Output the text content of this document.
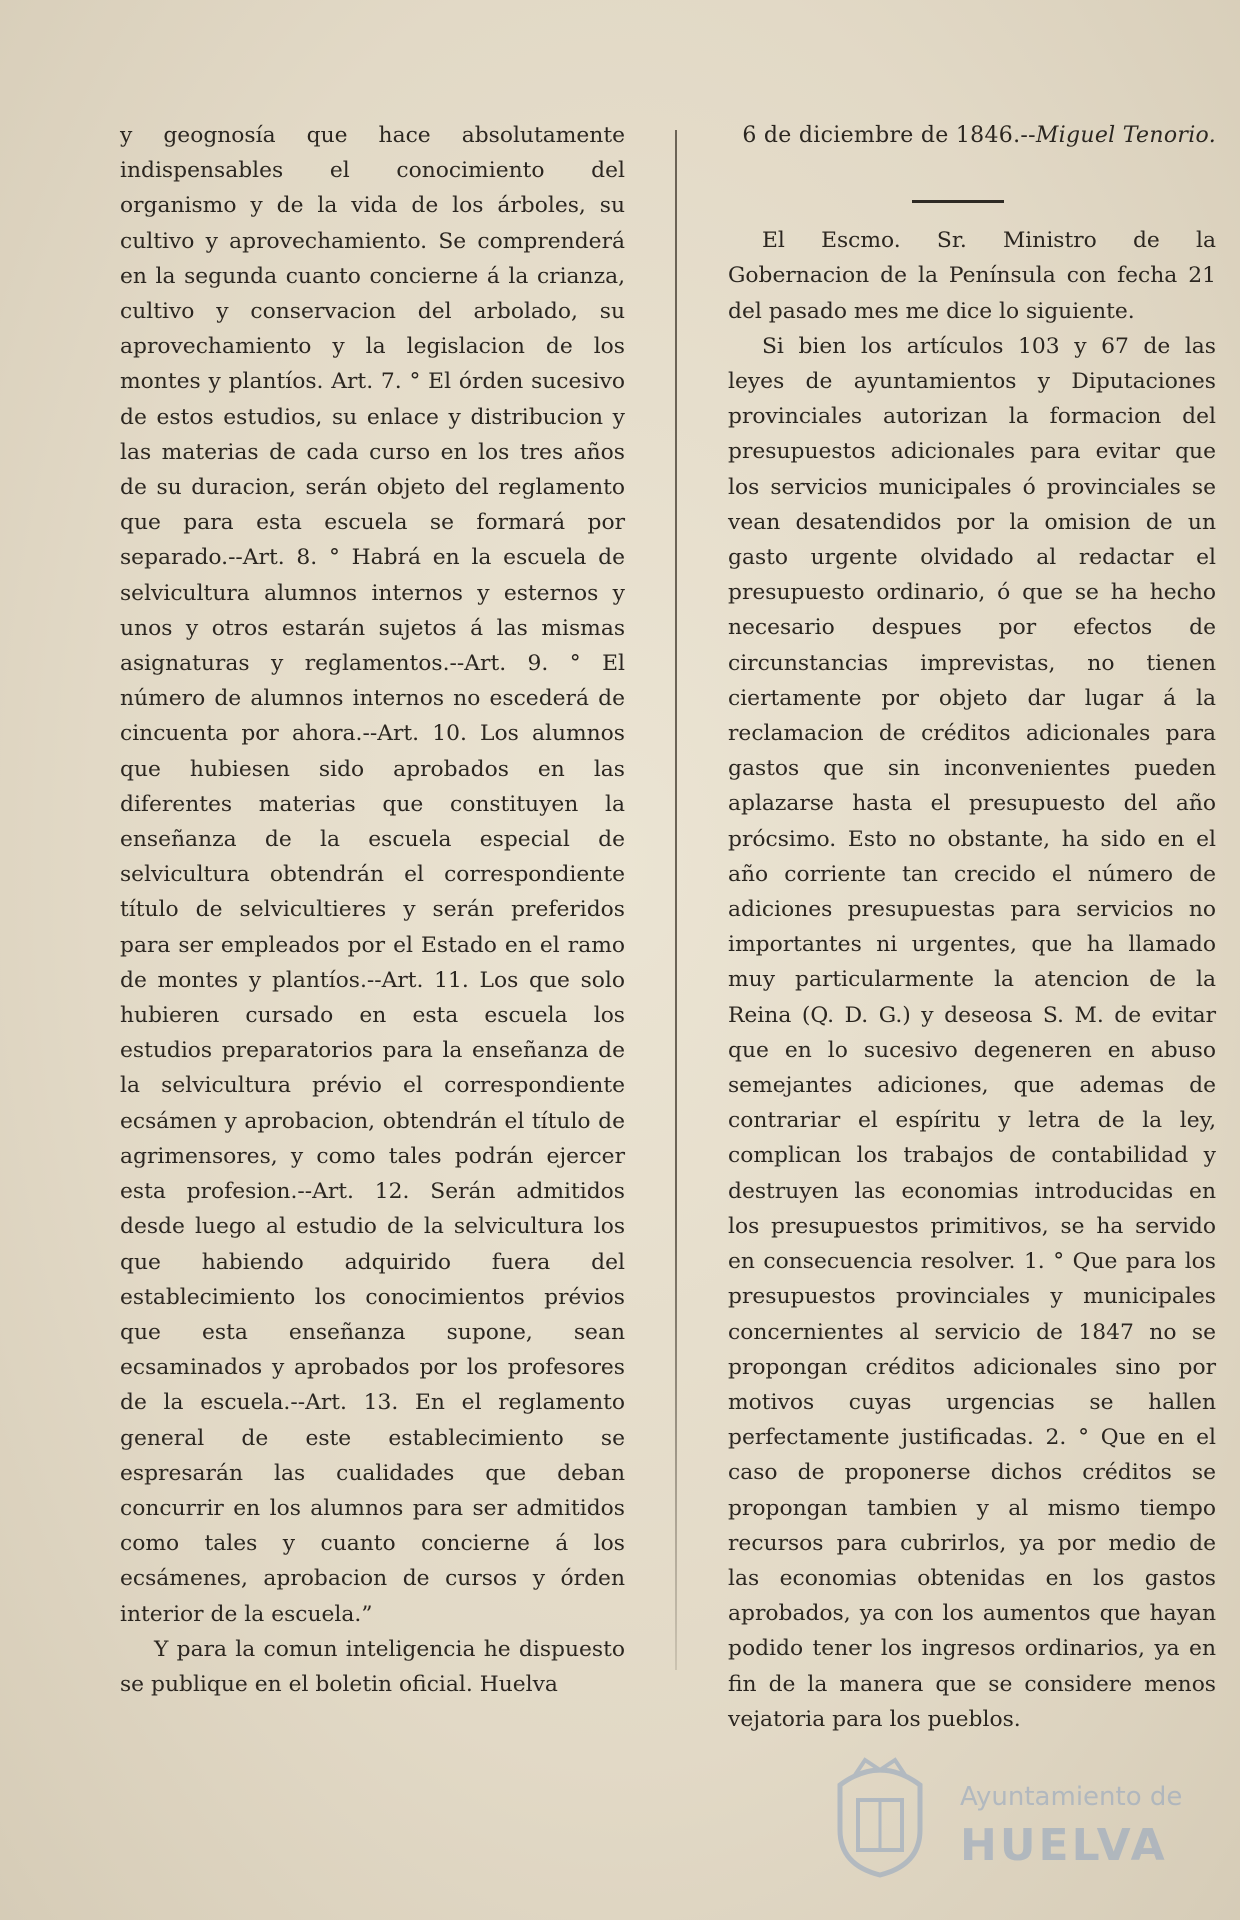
y geognosía que hace absolutamente indispensables el conocimiento del organismo y de la vida de los árboles, su cultivo y aprovechamiento. Se comprenderá en la segunda cuanto concierne á la crianza, cultivo y conservacion del arbolado, su aprovechamiento y la legislacion de los montes y plantíos. Art. 7. ° El órden sucesivo de estos estudios, su enlace y distribucion y las materias de cada curso en los tres años de su duracion, serán objeto del reglamento que para esta escuela se formará por separado.--Art. 8. ° Habrá en la escuela de selvicultura alumnos internos y esternos y unos y otros estarán sujetos á las mismas asignaturas y reglamentos.--Art. 9. ° El número de alumnos internos no escederá de cincuenta por ahora.--Art. 10. Los alumnos que hubiesen sido aprobados en las diferentes materias que constituyen la enseñanza de la escuela especial de selvicultura obtendrán el correspondiente título de selvicultieres y serán preferidos para ser empleados por el Estado en el ramo de montes y plantíos.--Art. 11. Los que solo hubieren cursado en esta escuela los estudios preparatorios para la enseñanza de la selvicultura prévio el correspondiente ecsámen y aprobacion, obtendrán el título de agrimensores, y como tales podrán ejercer esta profesion.--Art. 12. Serán admitidos desde luego al estudio de la selvicultura los que habiendo adquirido fuera del establecimiento los conocimientos prévios que esta enseñanza supone, sean ecsaminados y aprobados por los profesores de la escuela.--Art. 13. En el reglamento general de este establecimiento se espresarán las cualidades que deban concurrir en los alumnos para ser admitidos como tales y cuanto concierne á los ecsámenes, aprobacion de cursos y órden interior de la escuela.”

Y para la comun inteligencia he dispuesto se publique en el boletin oficial. Huelva

6 de diciembre de 1846.--Miguel Tenorio.

El Escmo. Sr. Ministro de la Gobernacion de la Península con fecha 21 del pasado mes me dice lo siguiente.

Si bien los artículos 103 y 67 de las leyes de ayuntamientos y Diputaciones provinciales autorizan la formacion del presupuestos adicionales para evitar que los servicios municipales ó provinciales se vean desatendidos por la omision de un gasto urgente olvidado al redactar el presupuesto ordinario, ó que se ha hecho necesario despues por efectos de circunstancias imprevistas, no tienen ciertamente por objeto dar lugar á la reclamacion de créditos adicionales para gastos que sin inconvenientes pueden aplazarse hasta el presupuesto del año prócsimo. Esto no obstante, ha sido en el año corriente tan crecido el número de adiciones presupuestas para servicios no importantes ni urgentes, que ha llamado muy particularmente la atencion de la Reina (Q. D. G.) y deseosa S. M. de evitar que en lo sucesivo degeneren en abuso semejantes adiciones, que ademas de contrariar el espíritu y letra de la ley, complican los trabajos de contabilidad y destruyen las economias introducidas en los presupuestos primitivos, se ha servido en consecuencia resolver. 1. ° Que para los presupuestos provinciales y municipales concernientes al servicio de 1847 no se propongan créditos adicionales sino por motivos cuyas urgencias se hallen perfectamente justificadas. 2. ° Que en el caso de proponerse dichos créditos se propongan tambien y al mismo tiempo recursos para cubrirlos, ya por medio de las economias obtenidas en los gastos aprobados, ya con los aumentos que hayan podido tener los ingresos ordinarios, ya en fin de la manera que se considere menos vejatoria para los pueblos.

Ayuntamiento de
HUELVA
